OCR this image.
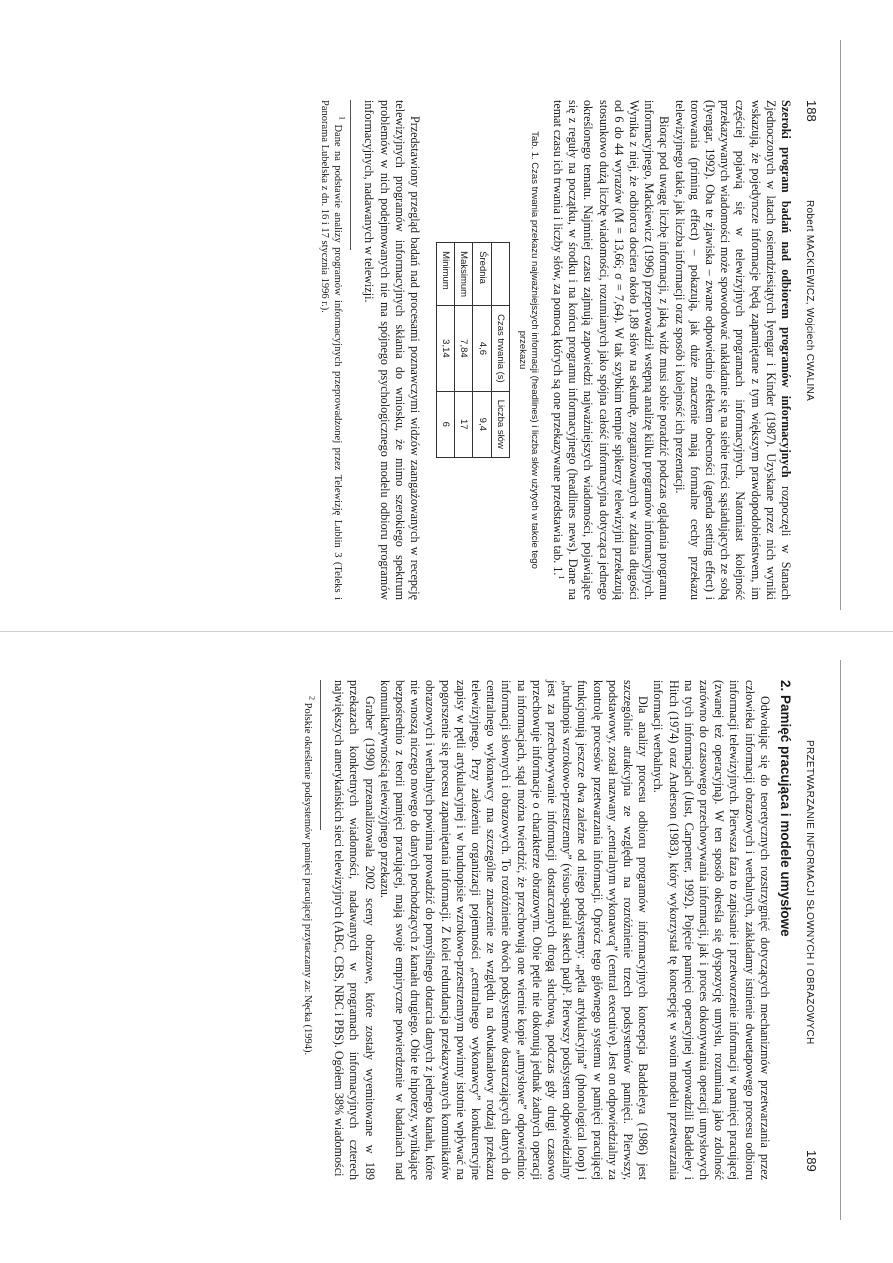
188
Robert MACKIEWICZ, Wojciech CWALINA

Szeroki program badań nad odbiorem programów informacyjnych rozpoczęli w Stanach Zjednoczonych w latach osiemdziesiątych Iyengar i Kinder (1987). Uzyskane przez nich wyniki wskazują, że pojedyncze informacje będą zapamiętane z tym większym prawdopodobieństwem, im częściej pojawią się w telewizyjnych programach informacyjnych. Natomiast kolejność przekazywanych wiadomości może spowodować nakładanie się na siebie treści sąsiadujących ze sobą (Iyengar, 1992). Oba te zjawiska – zwane odpowiednio efektem obecności (agenda setting effect) i torowania (priming effect) – pokazują, jak duże znaczenie mają formalne cechy przekazu telewizyjnego takie, jak liczba informacji oraz sposób i kolejność ich prezentacji.

Biorąc pod uwagę liczbę informacji, z jaką widz musi sobie poradzić podczas oglądania programu informacyjnego, Mackiewicz (1996) przeprowadził wstępną analizę kilku programów informacyjnych. Wynika z niej, że odbiorca dociera około 1,89 słów na sekundę, zorganizowanych w zdania długości od 6 do 44 wyrazów (M = 13,66; σ = 7,64). W tak szybkim tempie spikerzy telewizyjni przekazują stosunkowo dużą liczbę wiadomości, rozumianych jako spójna całość informacyjna dotycząca jednego określonego tematu. Najmniej czasu zajmują zapowiedzi najważniejszych wiadomości, pojawiające się z reguły na początku, w środku i na końcu programu informacyjnego (headlines news). Dane na temat czasu ich trwania i liczby słów, za pomocą których są one przekazywane przedstawia tab. 1.$^1$

Tab. 1. Czas trwania przekazu najważniejszych informacji (headlines) i liczba słów użytych w takcie tego przekazu
	Czas trwania (s)	Liczba słów
Średnia	4,6	9,4
Maksimum	7,84	17
Minimum	3,14	6

Przedstawiony przegląd badań nad procesami poznawczymi widzów zaangażowanych w recepcję telewizyjnych programów informacyjnych skłania do wniosku, że mimo szerokiego spektrum problemów w nich podejmowanych nie ma spójnego psychologicznego modelu odbioru programów informacyjnych, nadawanych w telewizji.

$^1$ Dane na podstawie analizy programów informacyjnych przeprowadzonej przez Telewizję Lublin 3 (Teleks i Panorama Lubelska z dn. 16 i 17 stycznia 1996 r.).

PRZETWARZANIE INFORMACJI SŁOWNYCH I OBRAZOWYCH
189
2. Pamięć pracująca i modele umysłowe

Odwołując się do teoretycznych rozstrzygnięć dotyczących mechanizmów przetwarzania przez człowieka informacji obrazowych i werbalnych, zakładamy istnienie dwuetapowego procesu odbioru informacji telewizyjnych. Pierwsza faza to zapisanie i przetworzenie informacji w pamięci pracującej (zwanej też operacyjną). W ten sposób określa się dyspozycję umysłu, rozumianą jako zdolność zarówno do czasowego przechowywania informacji, jak i proces dokonywania operacji umysłowych na tych informacjach (Just, Carpenter, 1992). Pojęcie pamięci operacyjnej wprowadzili Baddeley i Hitch (1974) oraz Anderson (1983), który wykorzystał tę koncepcję w swoim modelu przetwarzania informacji werbalnych.

Dla analizy procesu odbioru programów informacyjnych koncepcja Baddeleya (1986) jest szczególnie atrakcyjna ze względu na rozróżnienie trzech podsystemów pamięci. Pierwszy, podstawowy, został nazwany „centralnym wykonawcą” (central executive). Jest on odpowiedzialny za kontrolę procesów przetwarzania informacji. Oprócz tego głównego systemu w pamięci pracującej funkcjonują jeszcze dwa zależne od niego podsystemy: „pętla artykulacyjna” (phonological loop) i „brudnopis wzrokowo-przestrzenny” (visuo-spatial sketch pad)². Pierwszy podsystem odpowiedzialny jest za przechowywanie informacji dostarczanych drogą słuchową, podczas gdy drugi czasowo przechowuje informacje o charakterze obrazowym. Obie pętle nie dokonują jednak żadnych operacji na informacjach, stąd można twierdzić, że przechowują one wiernie kopie „umysłowe” odpowiednio: informacji słownych i obrazowych. To rozróżnienie dwóch podsystemów dostarczających danych do centralnego wykonawcy ma szczególne znaczenie ze względu na dwukanałowy rodzaj przekazu telewizyjnego. Przy założeniu organizacji pojemności „centralnego wykonawcy” konkurencyjne zapisy w pętli artykulacyjnej i w brudnopisie wzrokowo-przestrzennym powinny istotnie wpływać na pogorszenie się procesu zapamiętania informacji. Z kolei redundancja przekazywanych komunikatów obrazowych i werbalnych powinna prowadzić do pomyślnego dotarcia danych z jednego kanału, które nie wnoszą niczego nowego do danych pochodzących z kanału drugiego. Obie te hipotezy, wynikające bezpośrednio z teorii pamięci pracującej, mają swoje empiryczne potwierdzenie w badaniach nad komunikatywnością telewizyjnego przekazu.

Graber (1990) przeanalizowała 2002 sceny obrazowe, które zostały wyemitowane w 189 przekazach konkretnych wiadomości, nadawanych w programach informacyjnych czterech największych amerykańskich sieci telewizyjnych (ABC, CBS, NBC i PBS). Ogółem 38% wiadomości

$^2$ Polskie określenie podsystemów pamięci pracującej przytaczamy za: Nęcka (1994).
